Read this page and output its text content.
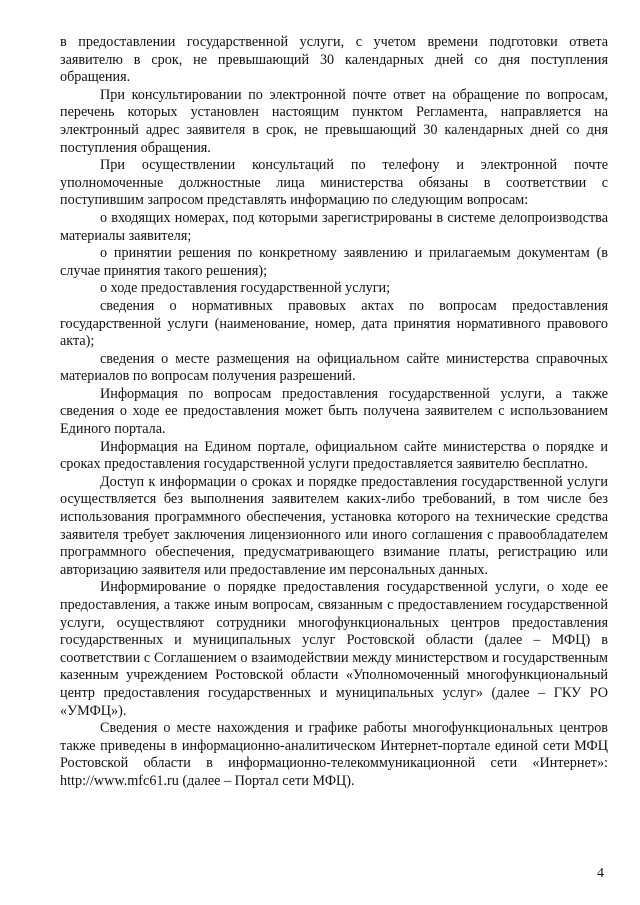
в предоставлении государственной услуги, с учетом времени подготовки ответа заявителю в срок, не превышающий 30 календарных дней со дня поступления обращения.

При консультировании по электронной почте ответ на обращение по вопросам, перечень которых установлен настоящим пунктом Регламента, направляется на электронный адрес заявителя в срок, не превышающий 30 календарных дней со дня поступления обращения.

При осуществлении консультаций по телефону и электронной почте уполномоченные должностные лица министерства обязаны в соответствии с поступившим запросом представлять информацию по следующим вопросам:

о входящих номерах, под которыми зарегистрированы в системе делопроизводства материалы заявителя;

о принятии решения по конкретному заявлению и прилагаемым документам (в случае принятия такого решения);

о ходе предоставления государственной услуги;

сведения о нормативных правовых актах по вопросам предоставления государственной услуги (наименование, номер, дата принятия нормативного правового акта);

сведения о месте размещения на официальном сайте министерства справочных материалов по вопросам получения разрешений.

Информация по вопросам предоставления государственной услуги, а также сведения о ходе ее предоставления может быть получена заявителем с использованием Единого портала.

Информация на Едином портале, официальном сайте министерства о порядке и сроках предоставления государственной услуги предоставляется заявителю бесплатно.

Доступ к информации о сроках и порядке предоставления государственной услуги осуществляется без выполнения заявителем каких-либо требований, в том числе без использования программного обеспечения, установка которого на технические средства заявителя требует заключения лицензионного или иного соглашения с правообладателем программного обеспечения, предусматривающего взимание платы, регистрацию или авторизацию заявителя или предоставление им персональных данных.

Информирование о порядке предоставления государственной услуги, о ходе ее предоставления, а также иным вопросам, связанным с предоставлением государственной услуги, осуществляют сотрудники многофункциональных центров предоставления государственных и муниципальных услуг Ростовской области (далее – МФЦ) в соответствии с Соглашением о взаимодействии между министерством и государственным казенным учреждением Ростовской области «Уполномоченный многофункциональный центр предоставления государственных и муниципальных услуг» (далее – ГКУ РО «УМФЦ»).

Сведения о месте нахождения и графике работы многофункциональных центров также приведены в информационно-аналитическом Интернет-портале единой сети МФЦ Ростовской области в информационно-телекоммуникационной сети «Интернет»: http://www.mfc61.ru (далее – Портал сети МФЦ).

4
